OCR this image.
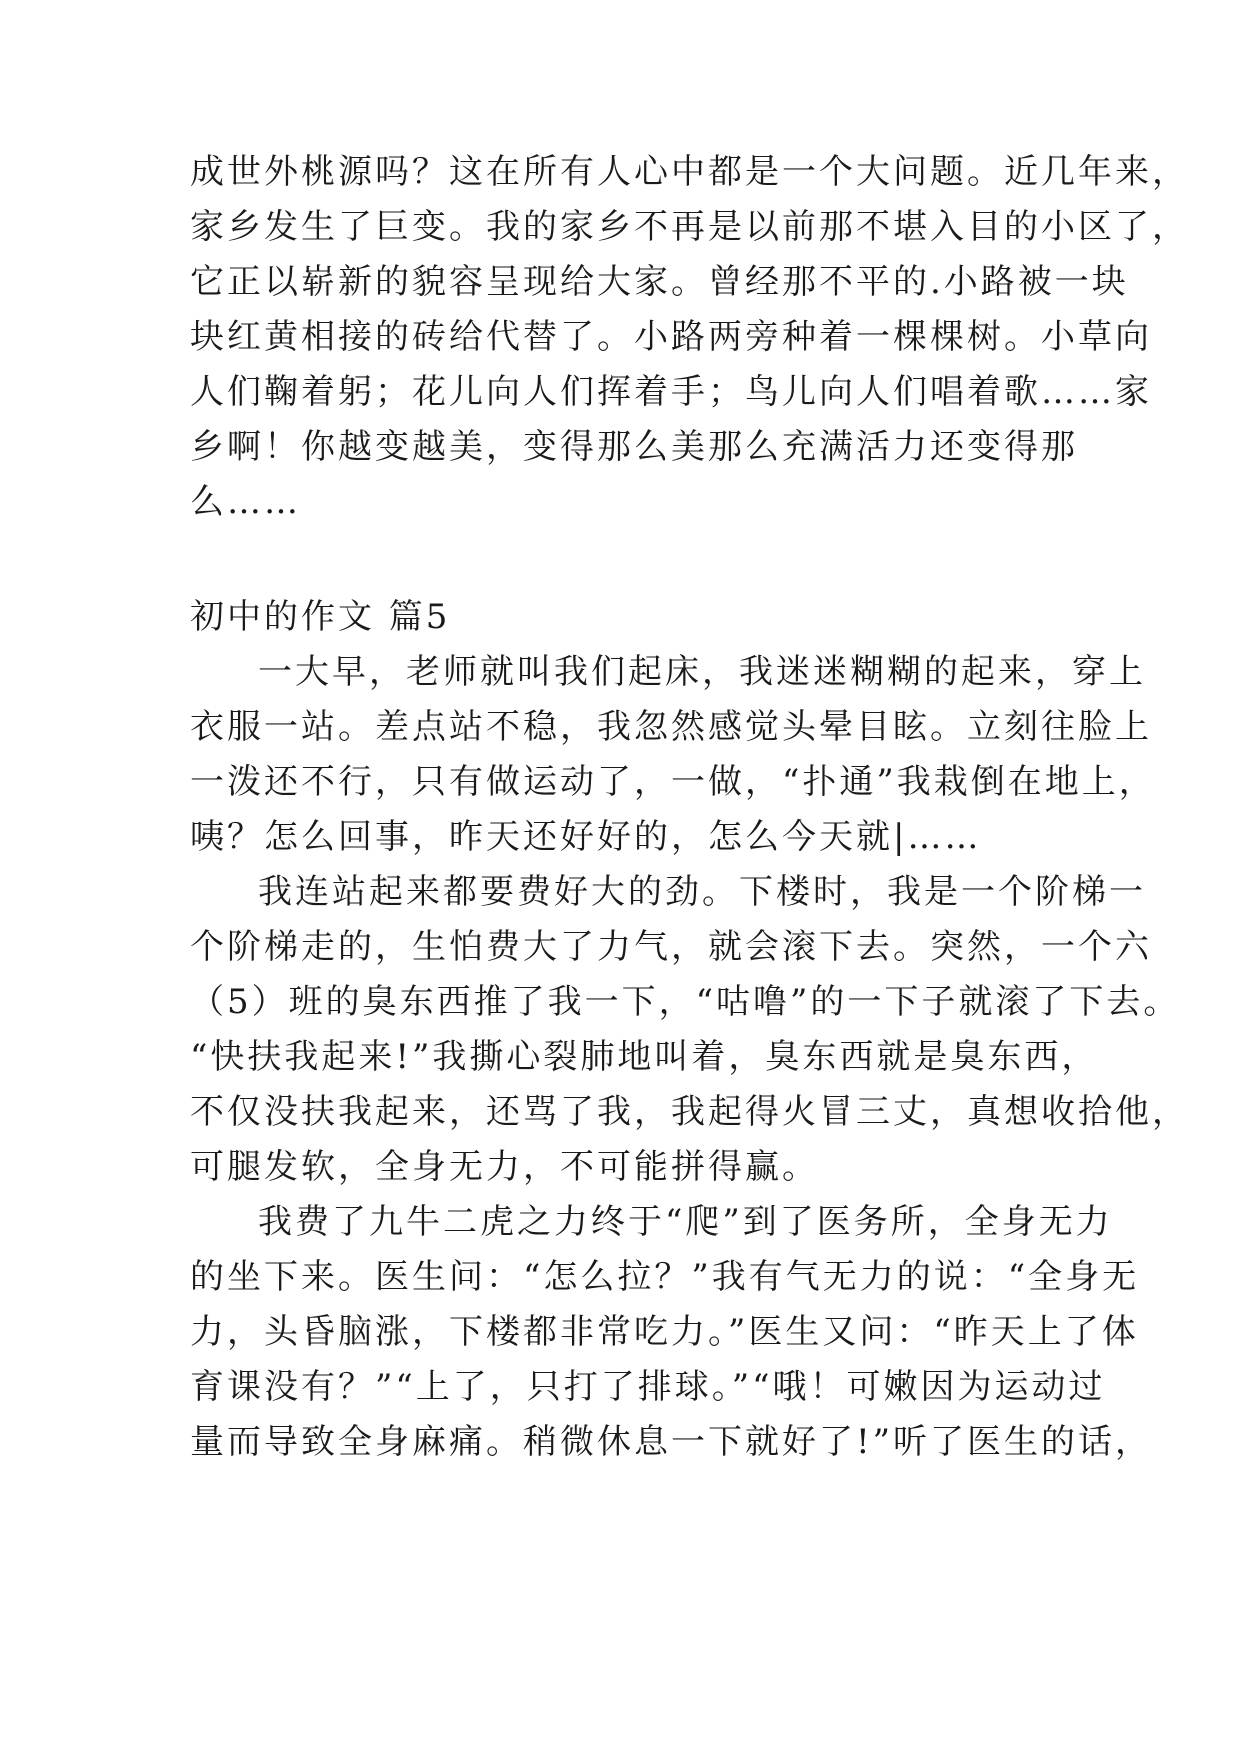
成世外桃源吗？这在所有人心中都是一个大问题。近几年来，
家乡发生了巨变。我的家乡不再是以前那不堪入目的小区了，
它正以崭新的貌容呈现给大家。曾经那不平的.小路被一块
块红黄相接的砖给代替了。小路两旁种着一棵棵树。小草向
人们鞠着躬；花儿向人们挥着手；鸟儿向人们唱着歌……家
乡啊！你越变越美，变得那么美那么充满活力还变得那
么……
初中的作文 篇5
一大早，老师就叫我们起床，我迷迷糊糊的起来，穿上
衣服一站。差点站不稳，我忽然感觉头晕目眩。立刻往脸上
一泼还不行，只有做运动了，一做，“扑通”我栽倒在地上，
咦？怎么回事，昨天还好好的，怎么今天就|……
我连站起来都要费好大的劲。下楼时，我是一个阶梯一
个阶梯走的，生怕费大了力气，就会滚下去。突然，一个六
（5）班的臭东西推了我一下，“咕噜”的一下子就滚了下去。
“快扶我起来!”我撕心裂肺地叫着，臭东西就是臭东西，
不仅没扶我起来，还骂了我，我起得火冒三丈，真想收拾他，
可腿发软，全身无力，不可能拼得赢。
我费了九牛二虎之力终于“爬”到了医务所，全身无力
的坐下来。医生问：“怎么拉？”我有气无力的说：“全身无
力，头昏脑涨，下楼都非常吃力。”医生又问：“昨天上了体
育课没有？”“上了，只打了排球。”“哦！可嫩因为运动过
量而导致全身麻痛。稍微休息一下就好了!”听了医生的话，
